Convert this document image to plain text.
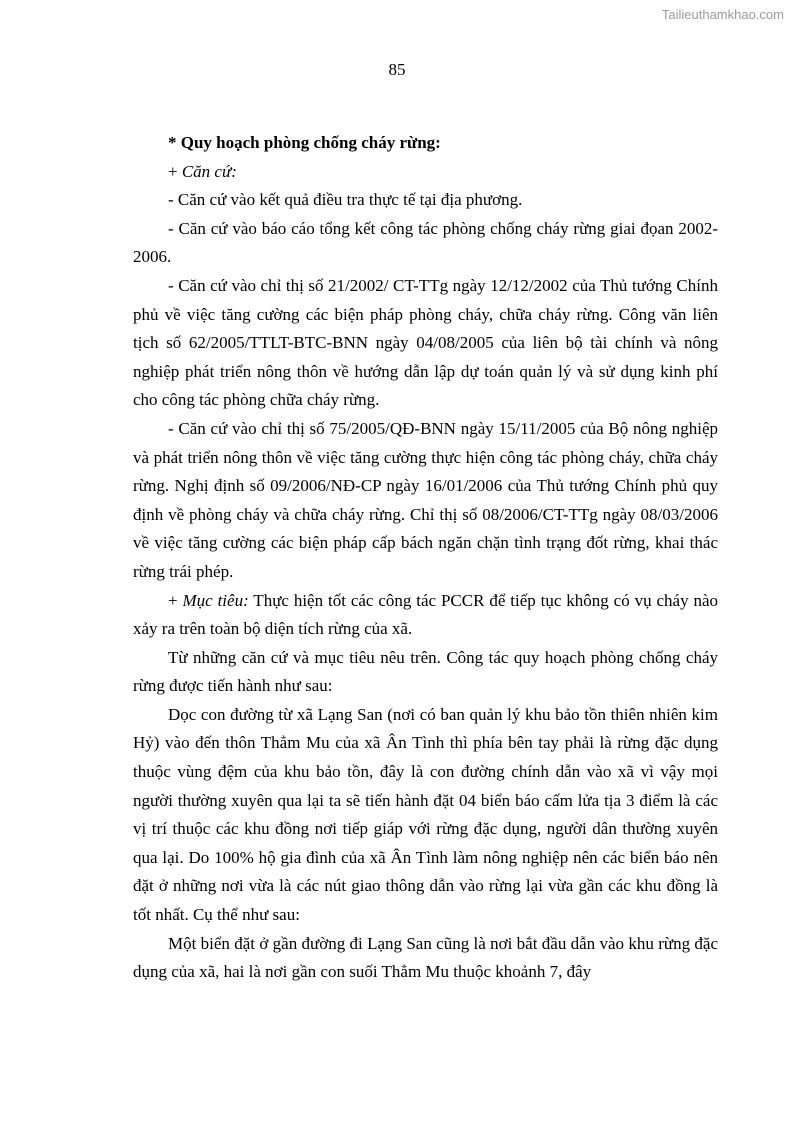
Tailieuthamkhao.com
85

* Quy hoạch phòng chống cháy rừng:

+ Căn cứ:

- Căn cứ vào kết quả điều tra thực tế tại địa phương.

- Căn cứ vào báo cáo tổng kết công tác phòng chống cháy rừng giai đọan 2002-2006.

- Căn cứ vào chỉ thị số 21/2002/ CT-TTg ngày 12/12/2002 của Thủ tướng Chính phủ về việc tăng cường các biện pháp phòng cháy, chữa cháy rừng. Công văn liên tịch số 62/2005/TTLT-BTC-BNN ngày 04/08/2005 của liên bộ tài chính và nông nghiệp phát triển nông thôn về hướng dẫn lập dự toán quản lý và sử dụng kinh phí cho công tác phòng chữa cháy rừng.

- Căn cứ vào chỉ thị số 75/2005/QĐ-BNN ngày 15/11/2005 của Bộ nông nghiệp và phát triển nông thôn về việc tăng cường thực hiện công tác phòng cháy, chữa cháy rừng. Nghị định số 09/2006/NĐ-CP ngày 16/01/2006 của Thủ tướng Chính phủ quy định về phòng cháy và chữa cháy rừng. Chỉ thị số 08/2006/CT-TTg ngày 08/03/2006 về việc tăng cường các biện pháp cấp bách ngăn chặn tình trạng đốt rừng, khai thác rừng trái phép.

+ Mục tiêu: Thực hiện tốt các công tác PCCR để tiếp tục không có vụ cháy nào xảy ra trên toàn bộ diện tích rừng của xã.

Từ những căn cứ và mục tiêu nêu trên. Công tác quy hoạch phòng chống cháy rừng được tiến hành như sau:

Dọc con đường từ xã Lạng San (nơi có ban quản lý khu bảo tồn thiên nhiên kim Hỷ) vào đến thôn Thẳm Mu của xã Ân Tình thì phía bên tay phải là rừng đặc dụng thuộc vùng đệm của khu bảo tồn, đây là con đường chính dẫn vào xã vì vậy mọi người thường xuyên qua lại ta sẽ tiến hành đặt 04 biển báo cấm lửa tịa 3 điểm là các vị trí thuộc các khu đồng nơi tiếp giáp với rừng đặc dụng, người dân thường xuyên qua lại. Do 100% hộ gia đình của xã Ân Tình làm nông nghiệp nên các biển báo nên đặt ở những nơi vừa là các nút giao thông dẫn vào rừng lại vừa gần các khu đồng là tốt nhất. Cụ thể như sau:

Một biển đặt ở gần đường đi Lạng San cũng là nơi bắt đầu dẫn vào khu rừng đặc dụng của xã, hai là nơi gần con suối Thẳm Mu thuộc khoảnh 7, đây
